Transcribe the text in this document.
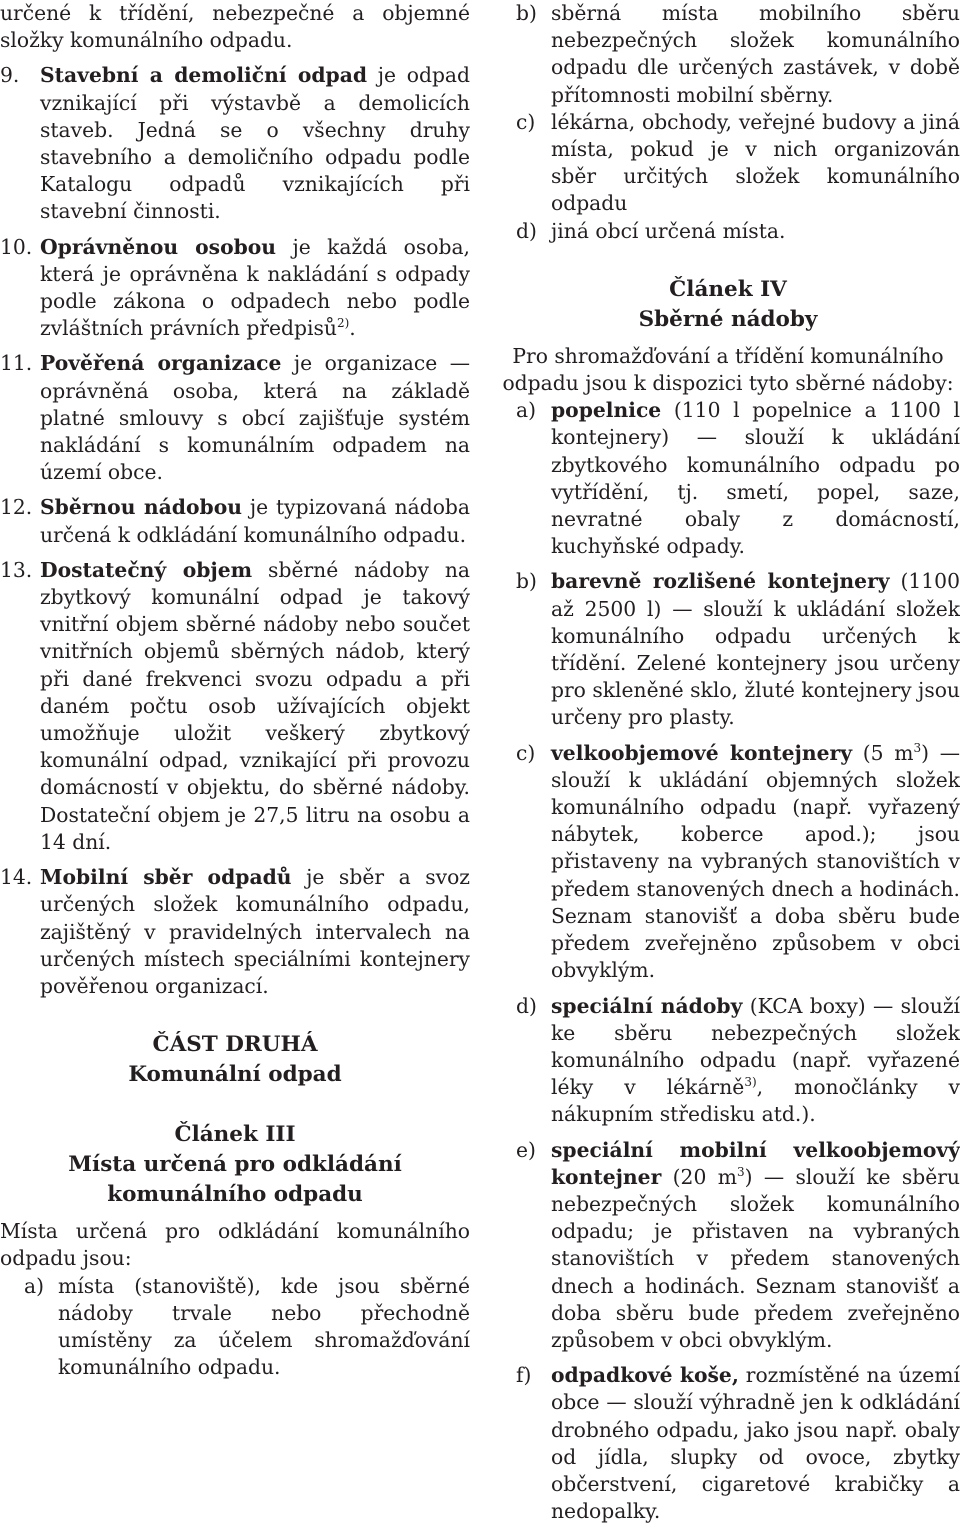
určené k třídění, nebezpečné a objemné složky komunálního odpadu.

9.	Stavební a demoliční odpad je odpad vznikající při výstavbě a demolicích staveb. Jedná se o všechny druhy stavebního a demoličního odpadu podle Katalogu odpadů vznikajících při stavební činnosti.

10. Oprávněnou osobou je každá osoba, která je oprávněna k nakládání s odpady podle zákona o odpadech nebo podle zvláštních právních předpisů$^{2)}$.

11. Pověřená organizace je organizace — oprávněná osoba, která na základě platné smlouvy s obcí zajišťuje systém nakládání s komunálním odpadem na území obce.

12. Sběrnou nádobou je typizovaná nádoba určená k odkládání komunálního odpadu.

13. Dostatečný objem sběrné nádoby na zbytkový komunální odpad je takový vnitřní objem sběrné nádoby nebo součet vnitřních objemů sběrných nádob, který při dané frekvenci svozu odpadu a při daném počtu osob užívajících objekt umožňuje uložit veškerý zbytkový komunální odpad, vznikající při provozu domácností v objektu, do sběrné nádoby. Dostateční objem je 27,5 litru na osobu a 14 dní.

14. Mobilní sběr odpadů je sběr a svoz určených složek komunálního odpadu, zajištěný v pravidelných intervalech na určených místech speciálními kontejnery pověřenou organizací.

ČÁST DRUHÁ

Komunální odpad

Článek III

Místa určená pro odkládání

komunálního odpadu

Místa určená pro odkládání komunálního odpadu jsou:

a) místa (stanoviště), kde jsou sběrné nádoby trvale nebo přechodně umístěny za účelem shromažďování komunálního odpadu.

b) sběrná místa mobilního sběru nebezpečných složek komunálního odpadu dle určených zastávek, v době přítomnosti mobilní sběrny.

c) lékárna, obchody, veřejné budovy a jiná místa, pokud je v nich organizován sběr určitých složek komunálního odpadu

d) jiná obcí určená místa.

Článek IV

Sběrné nádoby

Pro shromažďování a třídění komunálního odpadu jsou k dispozici tyto sběrné nádoby:

a) popelnice (110 l popelnice a 1100 l kontejnery) — slouží k ukládání zbytkového komunálního odpadu po vytřídění, tj. smetí, popel, saze, nevratné obaly z domácností, kuchyňské odpady.

b) barevně rozlišené kontejnery (1100 až 2500 l) — slouží k ukládání složek komunálního odpadu určených k třídění. Zelené kontejnery jsou určeny pro skleněné sklo, žluté kontejnery jsou určeny pro plasty.

c) velkoobjemové kontejnery (5 $m^3$) — slouží k ukládání objemných složek komunálního odpadu (např. vyřazený nábytek, koberce apod.); jsou přistaveny na vybraných stanovištích v předem stanovených dnech a hodinách. Seznam stanovišť a doba sběru bude předem zveřejněno způsobem v obci obvyklým.

d) speciální nádoby (KCA boxy) — slouží ke sběru nebezpečných složek komunálního odpadu (např. vyřazené léky v lékárně$^{3)}$, monočlánky v nákupním středisku atd.).

e) speciální mobilní velkoobjemový kontejner (20 $m^3$) — slouží ke sběru nebezpečných složek komunálního odpadu; je přistaven na vybraných stanovištích v předem stanovených dnech a hodinách. Seznam stanovišť a doba sběru bude předem zveřejněno způsobem v obci obvyklým.

f) odpadkové koše, rozmístěné na území obce — slouží výhradně jen k odkládání drobného odpadu, jako jsou např. obaly od jídla, slupky od ovoce, zbytky občerstvení, cigaretové krabičky a nedopalky.
